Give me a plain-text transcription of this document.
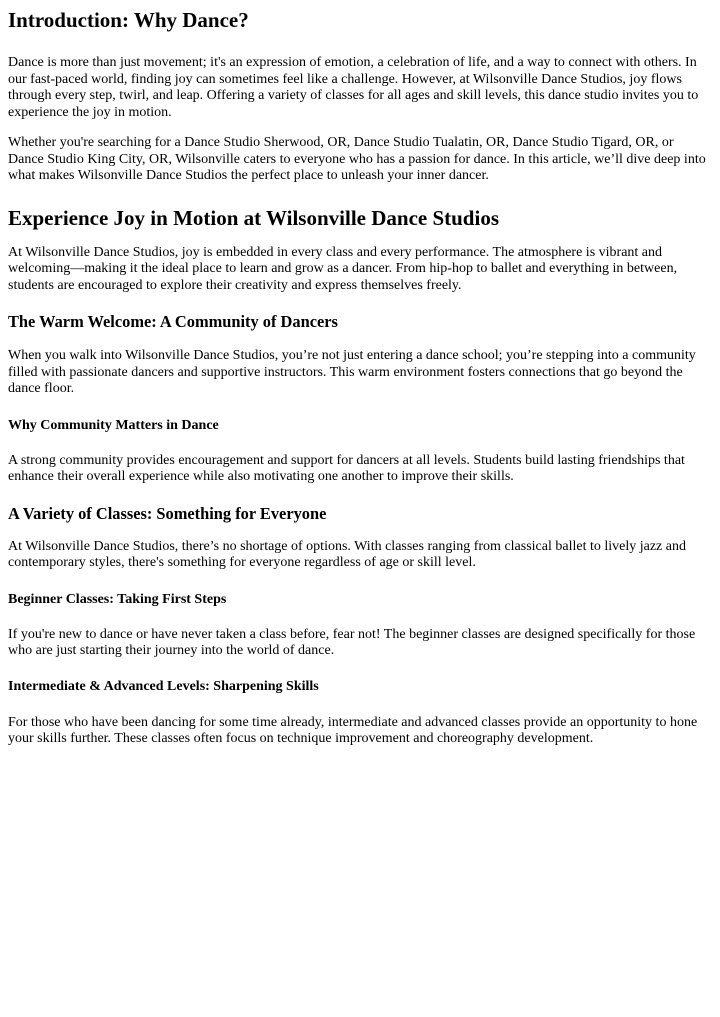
Introduction: Why Dance?

Dance is more than just movement; it's an expression of emotion, a celebration of life, and a way to connect with others. In our fast-paced world, finding joy can sometimes feel like a challenge. However, at Wilsonville Dance Studios, joy flows through every step, twirl, and leap. Offering a variety of classes for all ages and skill levels, this dance studio invites you to experience the joy in motion.

Whether you're searching for a Dance Studio Sherwood, OR, Dance Studio Tualatin, OR, Dance Studio Tigard, OR, or Dance Studio King City, OR, Wilsonville caters to everyone who has a passion for dance. In this article, we’ll dive deep into what makes Wilsonville Dance Studios the perfect place to unleash your inner dancer.

Experience Joy in Motion at Wilsonville Dance Studios

At Wilsonville Dance Studios, joy is embedded in every class and every performance. The atmosphere is vibrant and welcoming—making it the ideal place to learn and grow as a dancer. From hip-hop to ballet and everything in between, students are encouraged to explore their creativity and express themselves freely.

The Warm Welcome: A Community of Dancers

When you walk into Wilsonville Dance Studios, you’re not just entering a dance school; you’re stepping into a community filled with passionate dancers and supportive instructors. This warm environment fosters connections that go beyond the dance floor.

Why Community Matters in Dance

A strong community provides encouragement and support for dancers at all levels. Students build lasting friendships that enhance their overall experience while also motivating one another to improve their skills.

A Variety of Classes: Something for Everyone

At Wilsonville Dance Studios, there’s no shortage of options. With classes ranging from classical ballet to lively jazz and contemporary styles, there's something for everyone regardless of age or skill level.

Beginner Classes: Taking First Steps

If you're new to dance or have never taken a class before, fear not! The beginner classes are designed specifically for those who are just starting their journey into the world of dance.

Intermediate & Advanced Levels: Sharpening Skills

For those who have been dancing for some time already, intermediate and advanced classes provide an opportunity to hone your skills further. These classes often focus on technique improvement and choreography development.
